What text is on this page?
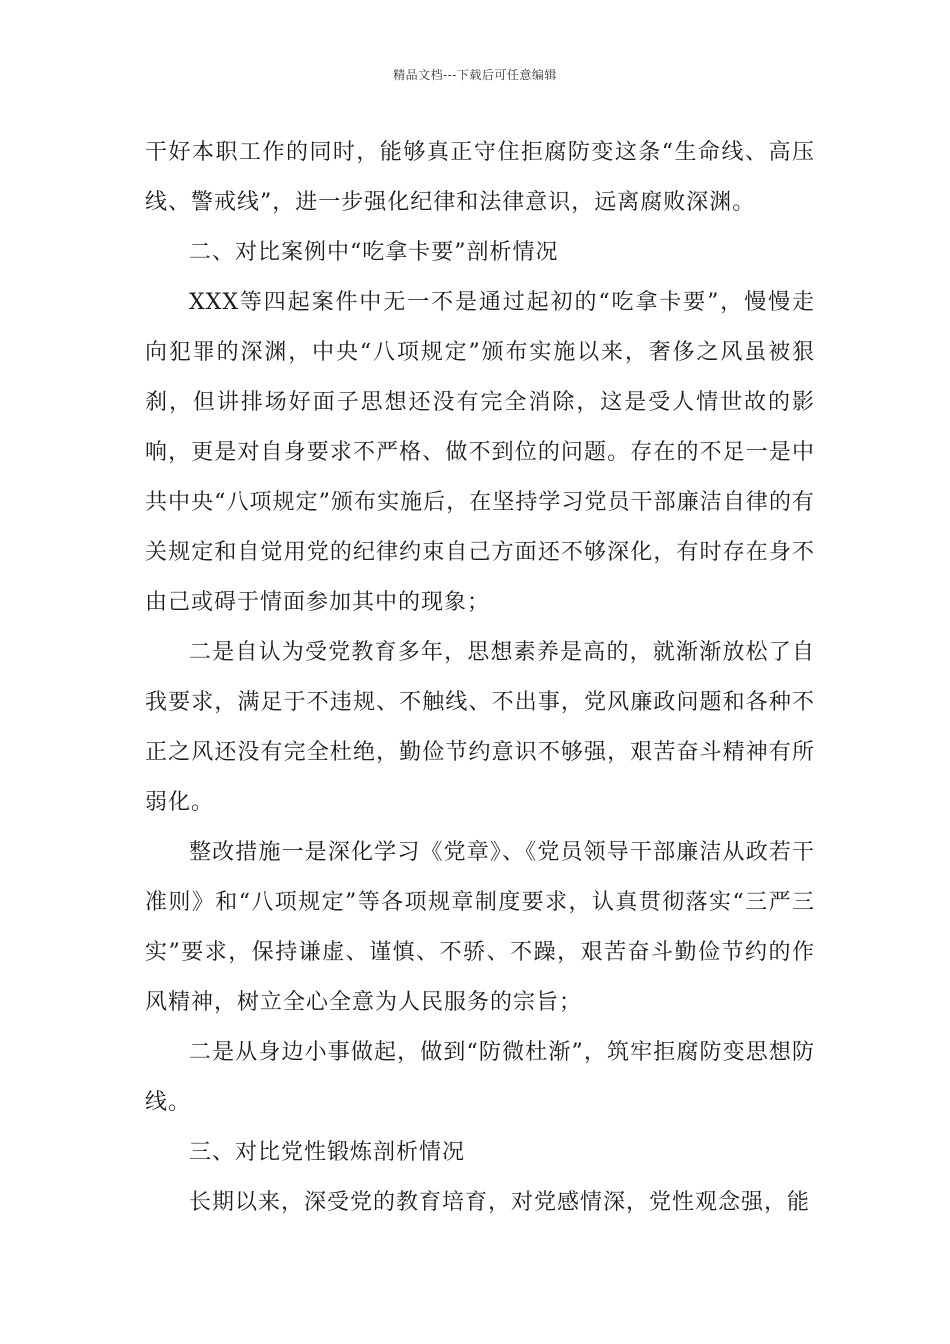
精品文档---下载后可任意编辑

干好本职工作的同时，能够真正守住拒腐防变这条“生命线、高压线、警戒线”，进一步强化纪律和法律意识，远离腐败深渊。

二、对比案例中“吃拿卡要”剖析情况

XXX等四起案件中无一不是通过起初的“吃拿卡要”，慢慢走向犯罪的深渊，中央“八项规定”颁布实施以来，奢侈之风虽被狠刹，但讲排场好面子思想还没有完全消除，这是受人情世故的影响，更是对自身要求不严格、做不到位的问题。存在的不足一是中共中央“八项规定”颁布实施后，在坚持学习党员干部廉洁自律的有关规定和自觉用党的纪律约束自己方面还不够深化，有时存在身不由己或碍于情面参加其中的现象；

二是自认为受党教育多年，思想素养是高的，就渐渐放松了自我要求，满足于不违规、不触线、不出事，党风廉政问题和各种不正之风还没有完全杜绝，勤俭节约意识不够强，艰苦奋斗精神有所弱化。

整改措施一是深化学习《党章》、《党员领导干部廉洁从政若干准则》和“八项规定”等各项规章制度要求，认真贯彻落实“三严三实”要求，保持谦虚、谨慎、不骄、不躁，艰苦奋斗勤俭节约的作风精神，树立全心全意为人民服务的宗旨；

二是从身边小事做起，做到“防微杜渐”，筑牢拒腐防变思想防线。

三、对比党性锻炼剖析情况

长期以来，深受党的教育培育，对党感情深，党性观念强，能
